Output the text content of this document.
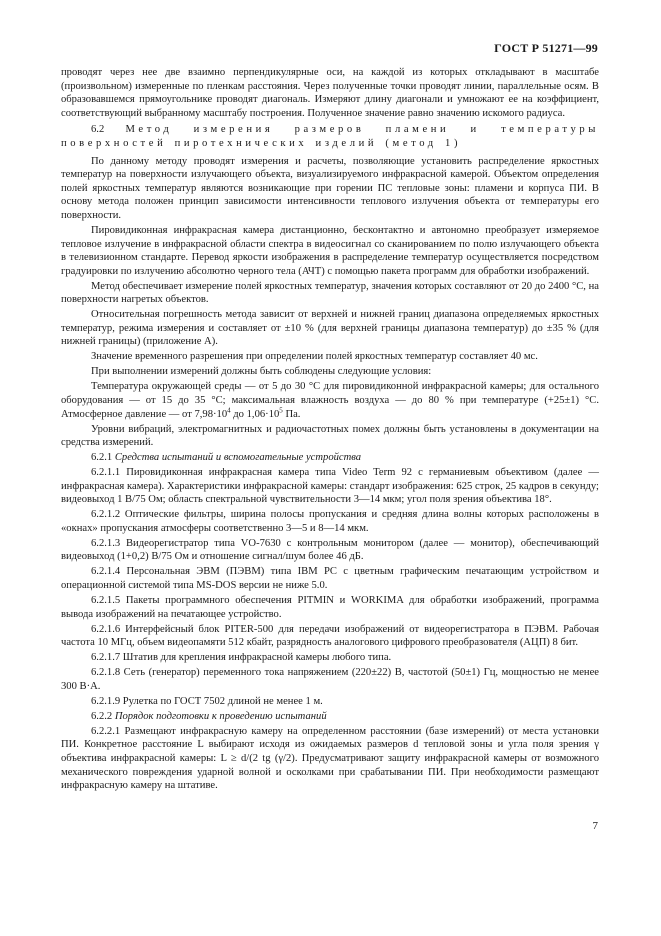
ГОСТ Р 51271—99

проводят через нее две взаимно перпендикулярные оси, на каждой из которых откладывают в масштабе (произвольном) измеренные по пленкам расстояния. Через полученные точки проводят линии, параллельные осям. В образовавшемся прямоугольнике проводят диагональ. Измеряют длину диагонали и умножают ее на коэффициент, соответствующий выбранному масштабу построения. Полученное значение равно значению искомого радиуса.

6.2 Метод измерения размеров пламени и температуры поверхностей пиротехнических изделий (метод 1)

По данному методу проводят измерения и расчеты, позволяющие установить распределение яркостных температур на поверхности излучающего объекта, визуализируемого инфракрасной камерой. Объектом определения полей яркостных температур являются возникающие при горении ПС тепловые зоны: пламени и корпуса ПИ. В основу метода положен принцип зависимости интенсивности теплового излучения объекта от температуры его поверхности.

Пировидиконная инфракрасная камера дистанционно, бесконтактно и автономно преобразует измеряемое тепловое излучение в инфракрасной области спектра в видеосигнал со сканированием по полю излучающего объекта в телевизионном стандарте. Перевод яркости изображения в распределение температур осуществляется посредством градуировки по излучению абсолютно черного тела (АЧТ) с помощью пакета программ для обработки изображений.

Метод обеспечивает измерение полей яркостных температур, значения которых составляют от 20 до 2400 °С, на поверхности нагретых объектов.

Относительная погрешность метода зависит от верхней и нижней границ диапазона определяемых яркостных температур, режима измерения и составляет от ±10 % (для верхней границы диапазона температур) до ±35 % (для нижней границы) (приложение А).

Значение временного разрешения при определении полей яркостных температур составляет 40 мс.

При выполнении измерений должны быть соблюдены следующие условия:

Температура окружающей среды — от 5 до 30 °С для пировидиконной инфракрасной камеры; для остального оборудования — от 15 до 35 °С; максимальная влажность воздуха — до 80 % при температуре (+25±1) °С. Атмосферное давление — от $7,98\cdot 10^4$ до $1,06\cdot 10^5$ Па.

Уровни вибраций, электромагнитных и радиочастотных помех должны быть установлены в документации на средства измерений.

6.2.1 Средства испытаний и вспомогательные устройства

6.2.1.1 Пировидиконная инфракрасная камера типа Video Term 92 с германиевым объективом (далее — инфракрасная камера). Характеристики инфракрасной камеры: стандарт изображения: 625 строк, 25 кадров в секунду; видеовыход 1 В/75 Ом; область спектральной чувствительности 3—14 мкм; угол поля зрения объектива 18°.

6.2.1.2 Оптические фильтры, ширина полосы пропускания и средняя длина волны которых расположены в «окнах» пропускания атмосферы соответственно 3—5 и 8—14 мкм.

6.2.1.3 Видеорегистратор типа VO-7630 с контрольным монитором (далее — монитор), обеспечивающий видеовыход (1+0,2) В/75 Ом и отношение сигнал/шум более 46 дБ.

6.2.1.4 Персональная ЭВМ (ПЭВМ) типа IBM PC с цветным графическим печатающим устройством и операционной системой типа MS-DOS версии не ниже 5.0.

6.2.1.5 Пакеты программного обеспечения PITMIN и WORKIMA для обработки изображений, программа вывода изображений на печатающее устройство.

6.2.1.6 Интерфейсный блок PITER-500 для передачи изображений от видеорегистратора в ПЭВМ. Рабочая частота 10 МГц, объем видеопамяти 512 кбайт, разрядность аналогового цифрового преобразователя (АЦП) 8 бит.

6.2.1.7 Штатив для крепления инфракрасной камеры любого типа.

6.2.1.8 Сеть (генератор) переменного тока напряжением (220±22) В, частотой (50±1) Гц, мощностью не менее 300 В·А.

6.2.1.9 Рулетка по ГОСТ 7502 длиной не менее 1 м.

6.2.2 Порядок подготовки к проведению испытаний

6.2.2.1 Размещают инфракрасную камеру на определенном расстоянии (базе измерений) от места установки ПИ. Конкретное расстояние L выбирают исходя из ожидаемых размеров d тепловой зоны и угла поля зрения γ объектива инфракрасной камеры: L ≥ d/(2 tg (γ/2). Предусматривают защиту инфракрасной камеры от возможного механического повреждения ударной волной и осколками при срабатывании ПИ. При необходимости размещают инфракрасную камеру на штативе.

7
